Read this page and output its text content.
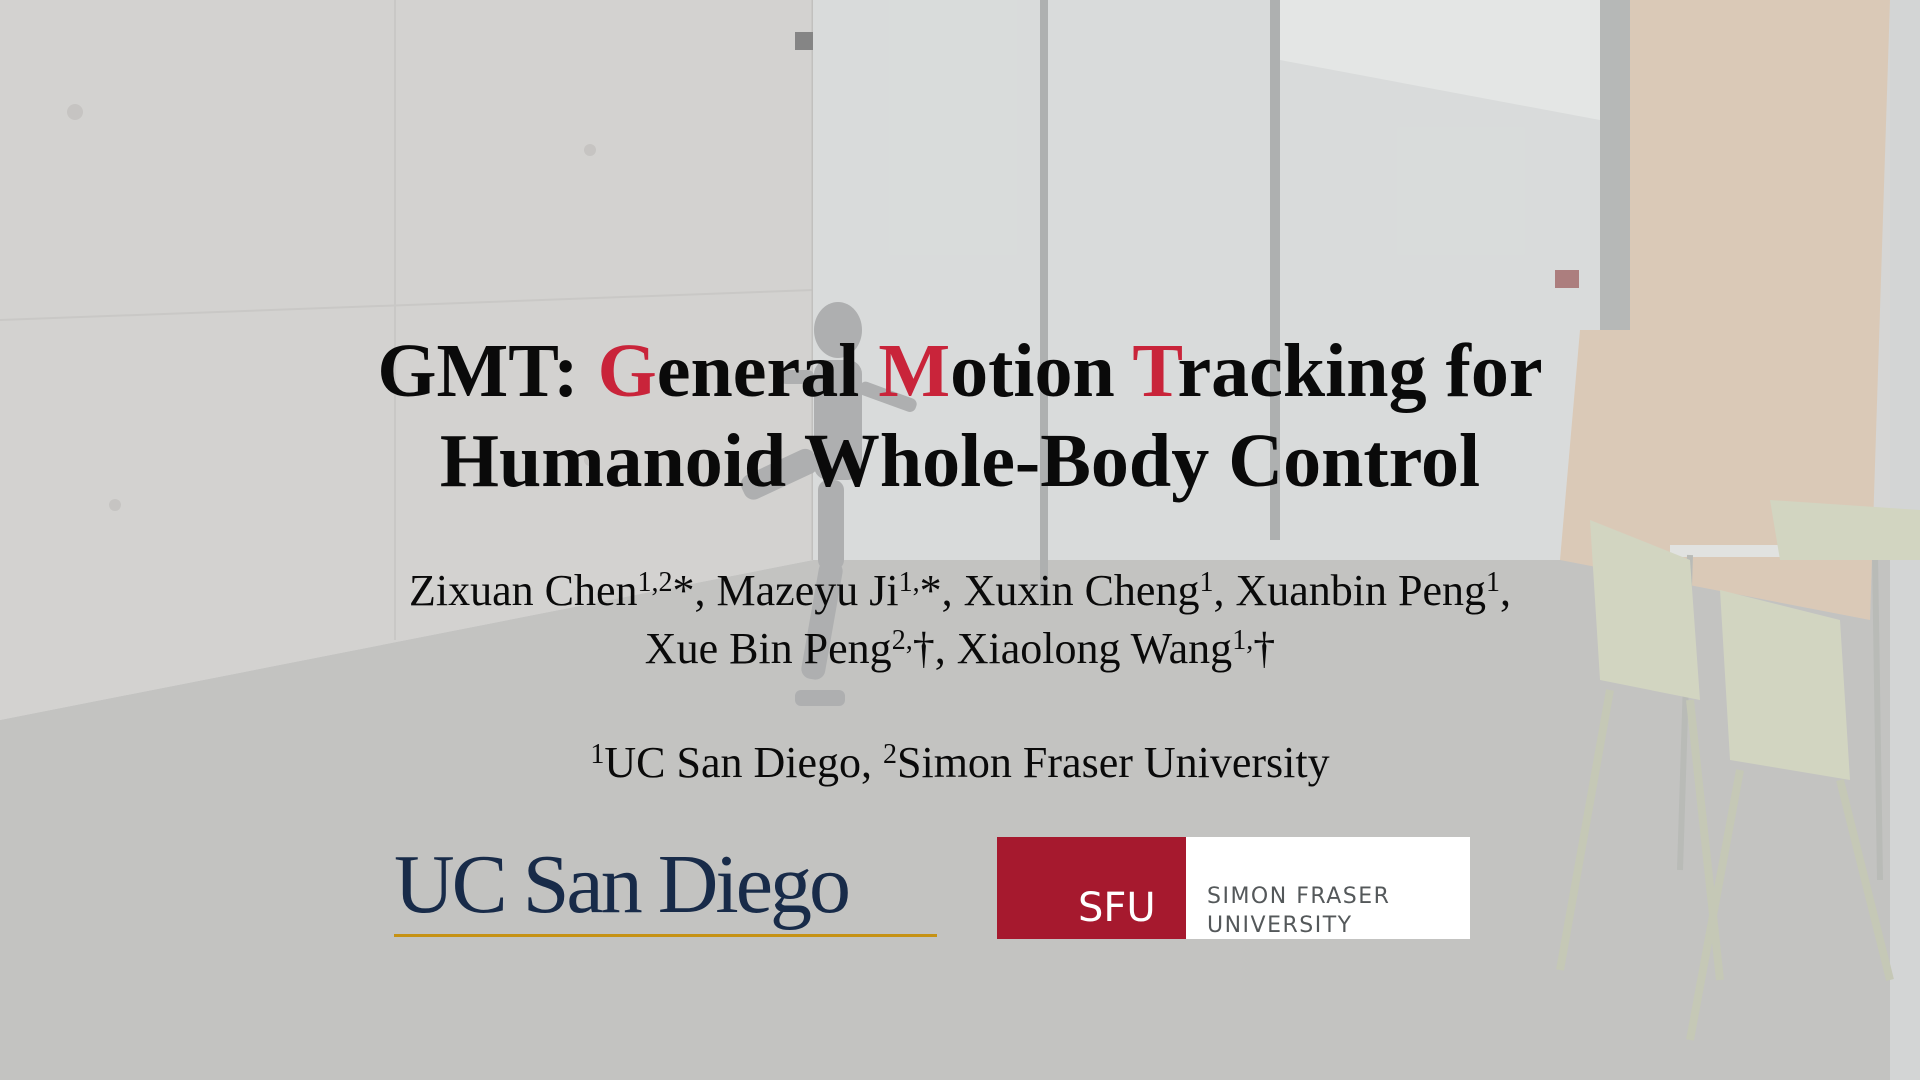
GMT: General Motion Tracking for
Humanoid Whole-Body Control
Zixuan Chen$^{1,2}$*, Mazeyu $Ji^{1,}*$, Xuxin Cheng$^1$, Xuanbin Peng$^1$,
Xue Bin Peng$^{2,}$†, Xiaolong Wang$^{1,}$†
$^1$UC San Diego, $^2$Simon Fraser University
UC San Diego	SFU SIMON FRASER
UNIVERSITY
